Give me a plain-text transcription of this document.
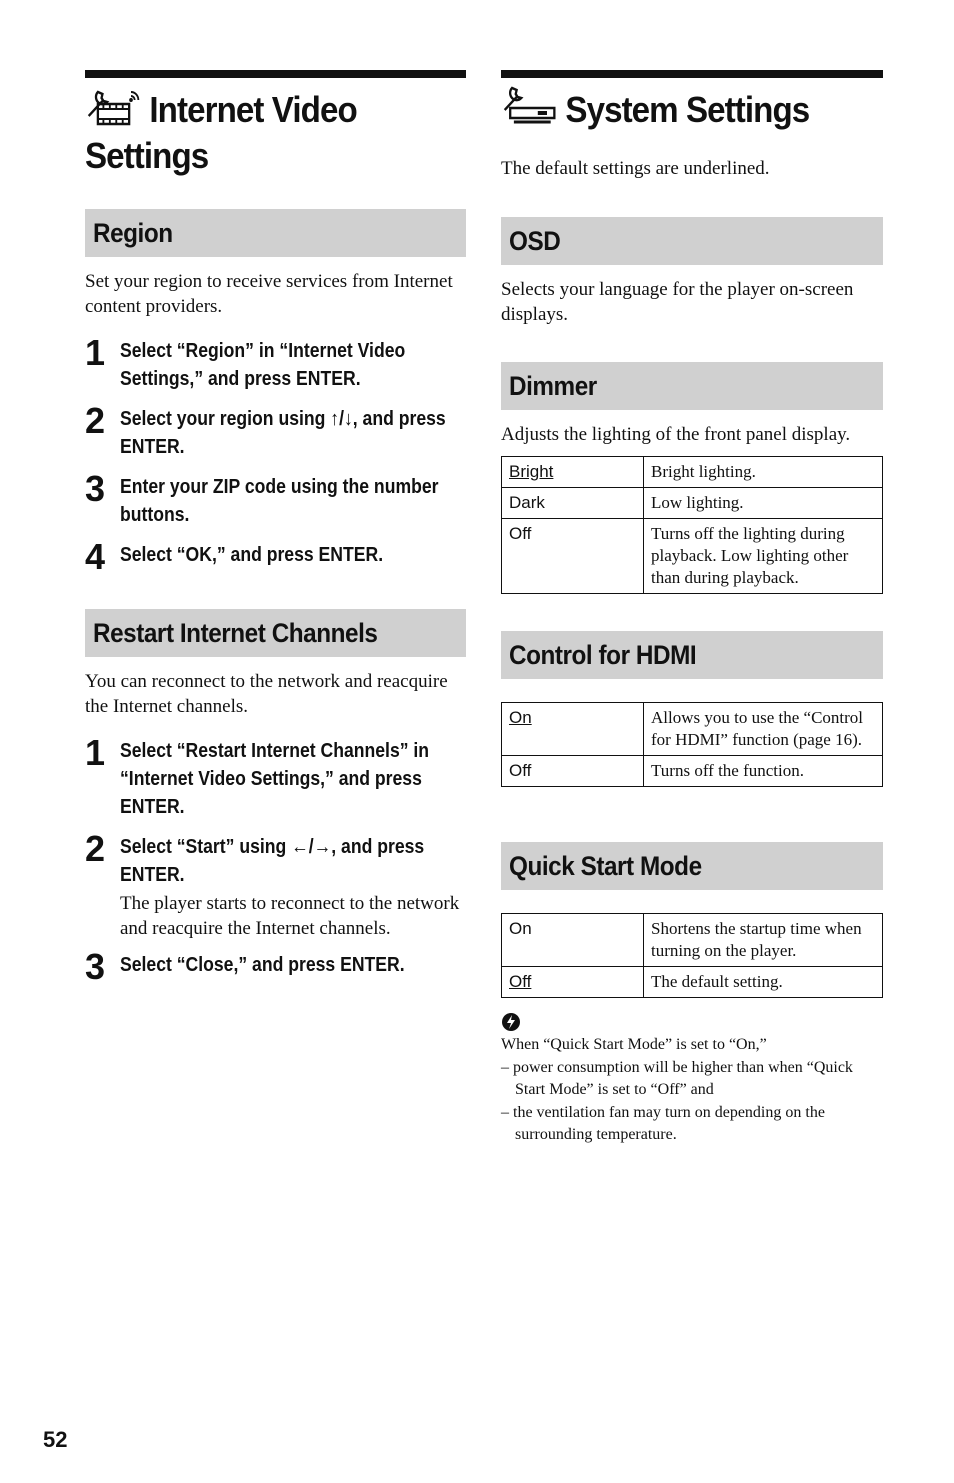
Internet Video
Settings
Region

Set your region to receive services from Internet content providers.

1 Select “Region” in “Internet Video Settings,” and press ENTER.
2 Select your region using ↑/↓, and press ENTER.
3 Enter your ZIP code using the number buttons.
4 Select “OK,” and press ENTER.
Restart Internet Channels

You can reconnect to the network and reacquire the Internet channels.

1 Select “Restart Internet Channels” in “Internet Video Settings,” and press ENTER.
2 Select “Start” using ←/→, and press ENTER.
The player starts to reconnect to the network and reacquire the Internet channels.
3 Select “Close,” and press ENTER.
System Settings

The default settings are underlined.

OSD

Selects your language for the player on-screen displays.

Dimmer

Adjusts the lighting of the front panel display.

Bright	Bright lighting.
Dark	Low lighting.
Off	Turns off the lighting during playback. Low lighting other than during playback.
Control for HDMI
On	Allows you to use the “Control for HDMI” function (page 16).
Off	Turns off the function.
Quick Start Mode
On	Shortens the startup time when turning on the player.
Off	The default setting.

When “Quick Start Mode” is set to “On,”

– power consumption will be higher than when “Quick Start Mode” is set to “Off” and

– the ventilation fan may turn on depending on the surrounding temperature.

52
